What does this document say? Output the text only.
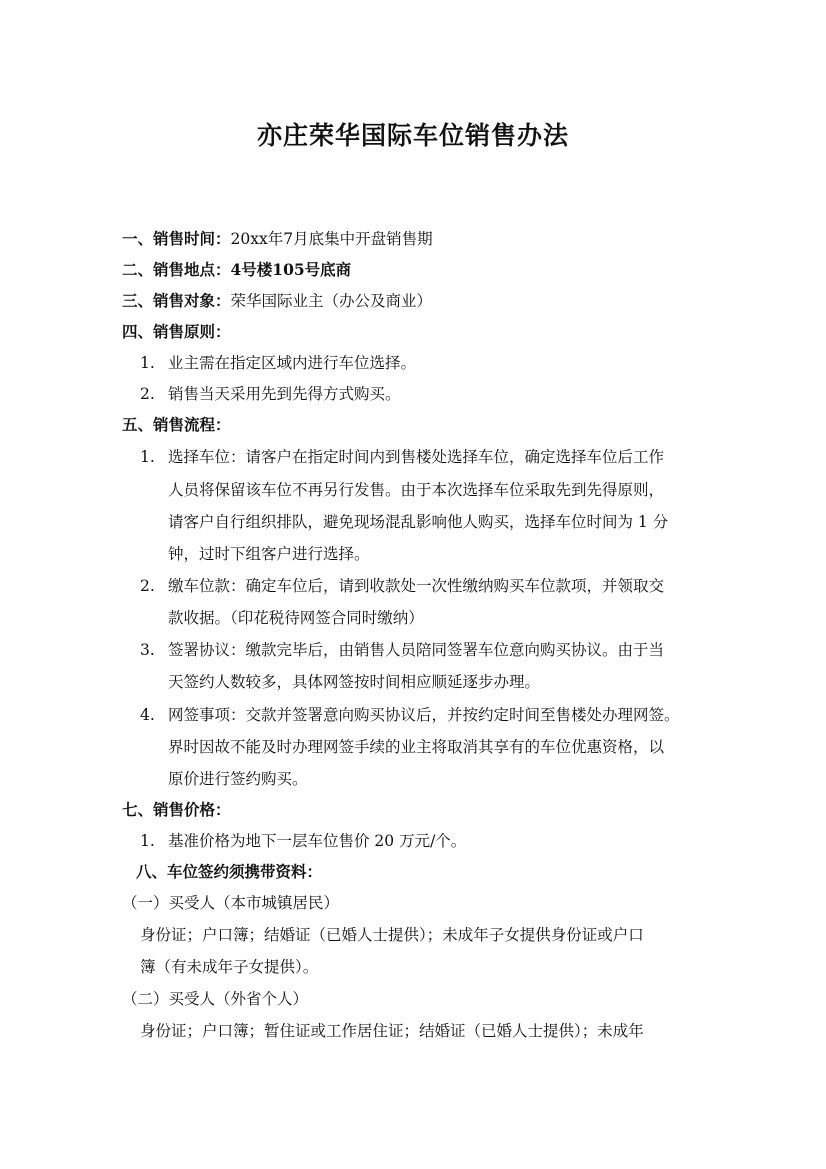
亦庄荣华国际车位销售办法
一、销售时间：20xx年7月底集中开盘销售期
二、销售地点：4号楼105号底商
三、销售对象：荣华国际业主（办公及商业）
四、销售原则：
1. 业主需在指定区域内进行车位选择。
2. 销售当天采用先到先得方式购买。
五、销售流程：
1. 选择车位：请客户在指定时间内到售楼处选择车位，确定选择车位后工作
人员将保留该车位不再另行发售。由于本次选择车位采取先到先得原则，
请客户自行组织排队，避免现场混乱影响他人购买，选择车位时间为 1 分
钟，过时下组客户进行选择。
2. 缴车位款：确定车位后，请到收款处一次性缴纳购买车位款项，并领取交
款收据。（印花税待网签合同时缴纳）
3. 签署协议：缴款完毕后，由销售人员陪同签署车位意向购买协议。由于当
天签约人数较多，具体网签按时间相应顺延逐步办理。
4. 网签事项：交款并签署意向购买协议后，并按约定时间至售楼处办理网签。
界时因故不能及时办理网签手续的业主将取消其享有的车位优惠资格，以
原价进行签约购买。
七、销售价格：
1. 基准价格为地下一层车位售价 20 万元/个。
八、车位签约须携带资料：
（一）买受人（本市城镇居民）
身份证；户口簿；结婚证（已婚人士提供）；未成年子女提供身份证或户口
簿（有未成年子女提供）。
（二）买受人（外省个人）
身份证；户口簿；暂住证或工作居住证；结婚证（已婚人士提供）；未成年
